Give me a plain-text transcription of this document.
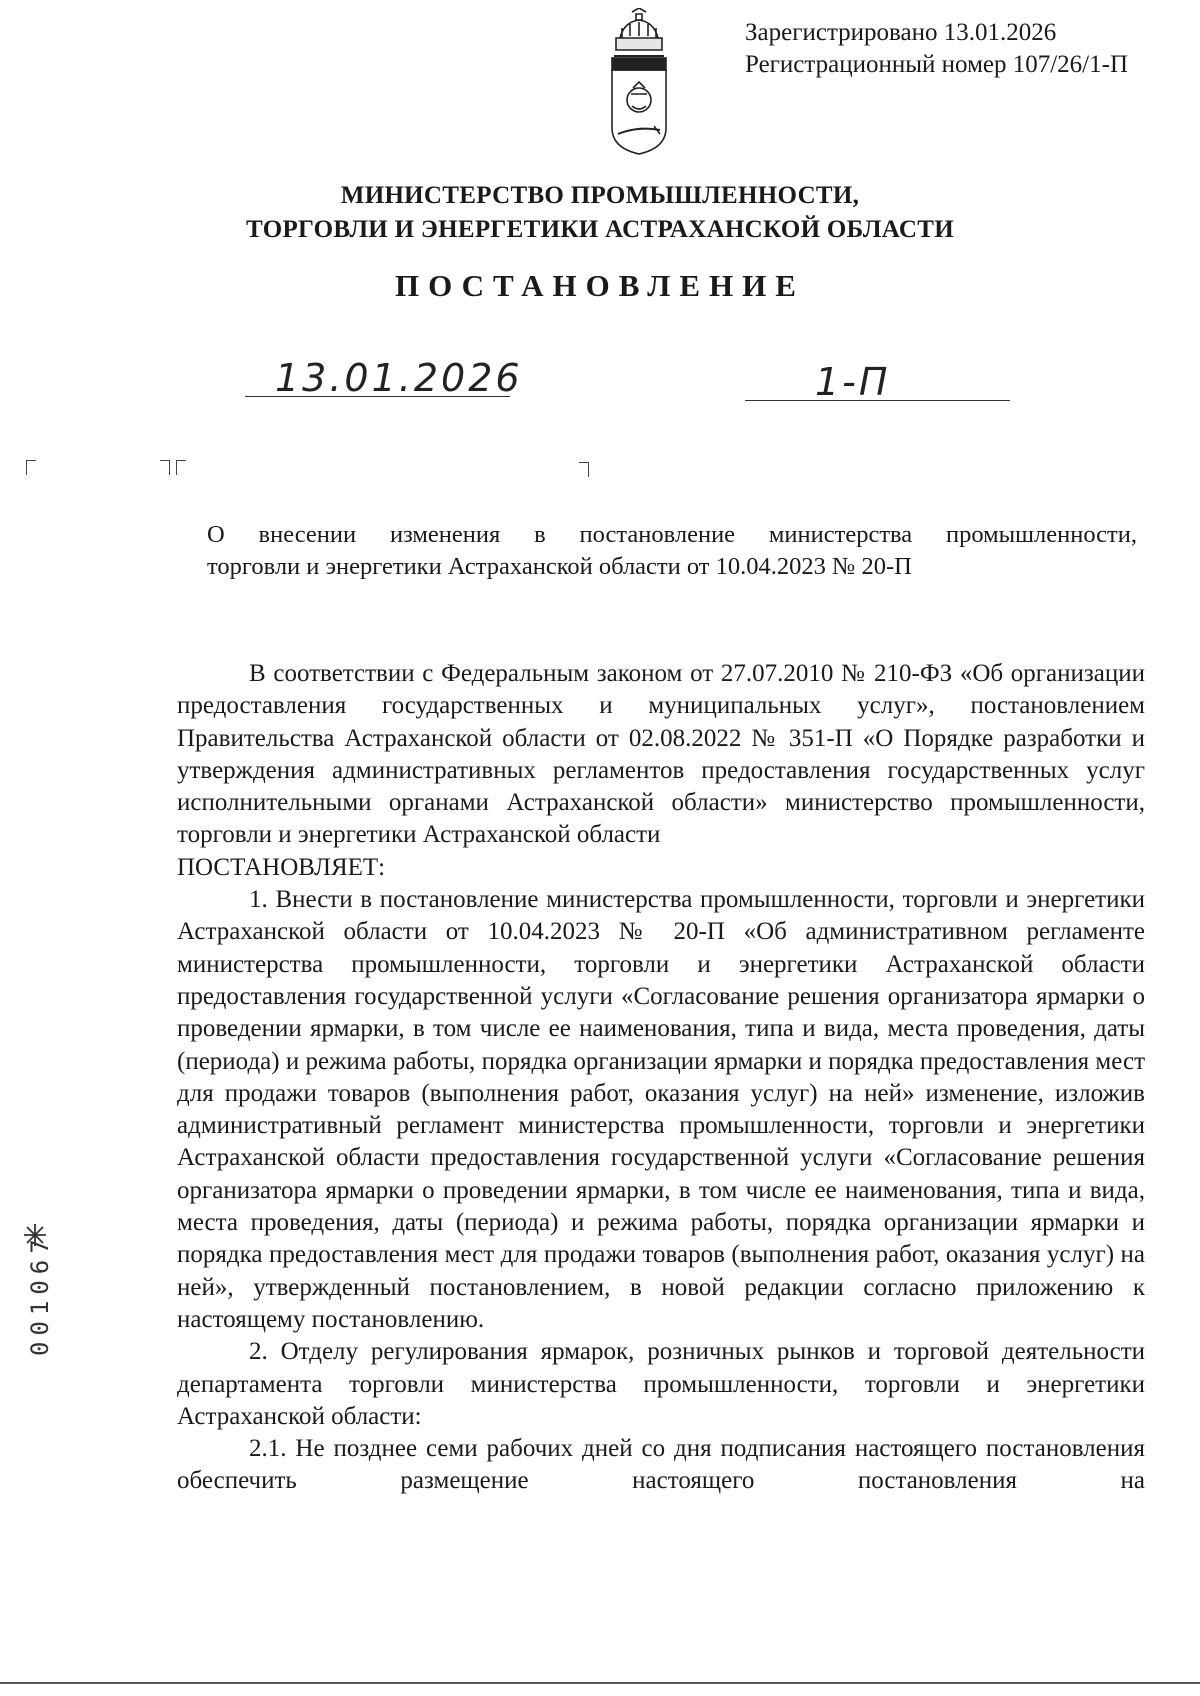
Зарегистрировано 13.01.2026
Регистрационный номер 107/26/1-П
МИНИСТЕРСТВО ПРОМЫШЛЕННОСТИ,
ТОРГОВЛИ И ЭНЕРГЕТИКИ АСТРАХАНСКОЙ ОБЛАСТИ
ПОСТАНОВЛЕНИЕ
13.01.2026	1-П
О внесении изменения в постановление министерства промышленности,
торговли и энергетики Астраханской области от 10.04.2023 № 20-П

В соответствии с Федеральным законом от 27.07.2010 № 210-ФЗ «Об организации предоставления государственных и муниципальных услуг», постановлением Правительства Астраханской области от 02.08.2022 № 351-П «О Порядке разработки и утверждения административных регламентов предоставления государственных услуг исполнительными органами Астраханской области» министерство промышленности, торговли и энергетики Астраханской области

ПОСТАНОВЛЯЕТ:

1. Внести в постановление министерства промышленности, торговли и энергетики Астраханской области от 10.04.2023 № 20-П «Об административном регламенте министерства промышленности, торговли и энергетики Астраханской области предоставления государственной услуги «Согласование решения организатора ярмарки о проведении ярмарки, в том числе ее наименования, типа и вида, места проведения, даты (периода) и режима работы, порядка организации ярмарки и порядка предоставления мест для продажи товаров (выполнения работ, оказания услуг) на ней» изменение, изложив административный регламент министерства промышленности, торговли и энергетики Астраханской области предоставления государственной услуги «Согласование решения организатора ярмарки о проведении ярмарки, в том числе ее наименования, типа и вида, места проведения, даты (периода) и режима работы, порядка организации ярмарки и порядка предоставления мест для продажи товаров (выполнения работ, оказания услуг) на ней», утвержденный постановлением, в новой редакции согласно приложению к настоящему постановлению.

2. Отделу регулирования ярмарок, розничных рынков и торговой деятельности департамента торговли министерства промышленности, торговли и энергетики Астраханской области:

2.1. Не позднее семи рабочих дней со дня подписания настоящего постановления обеспечить размещение настоящего постановления на

001067
